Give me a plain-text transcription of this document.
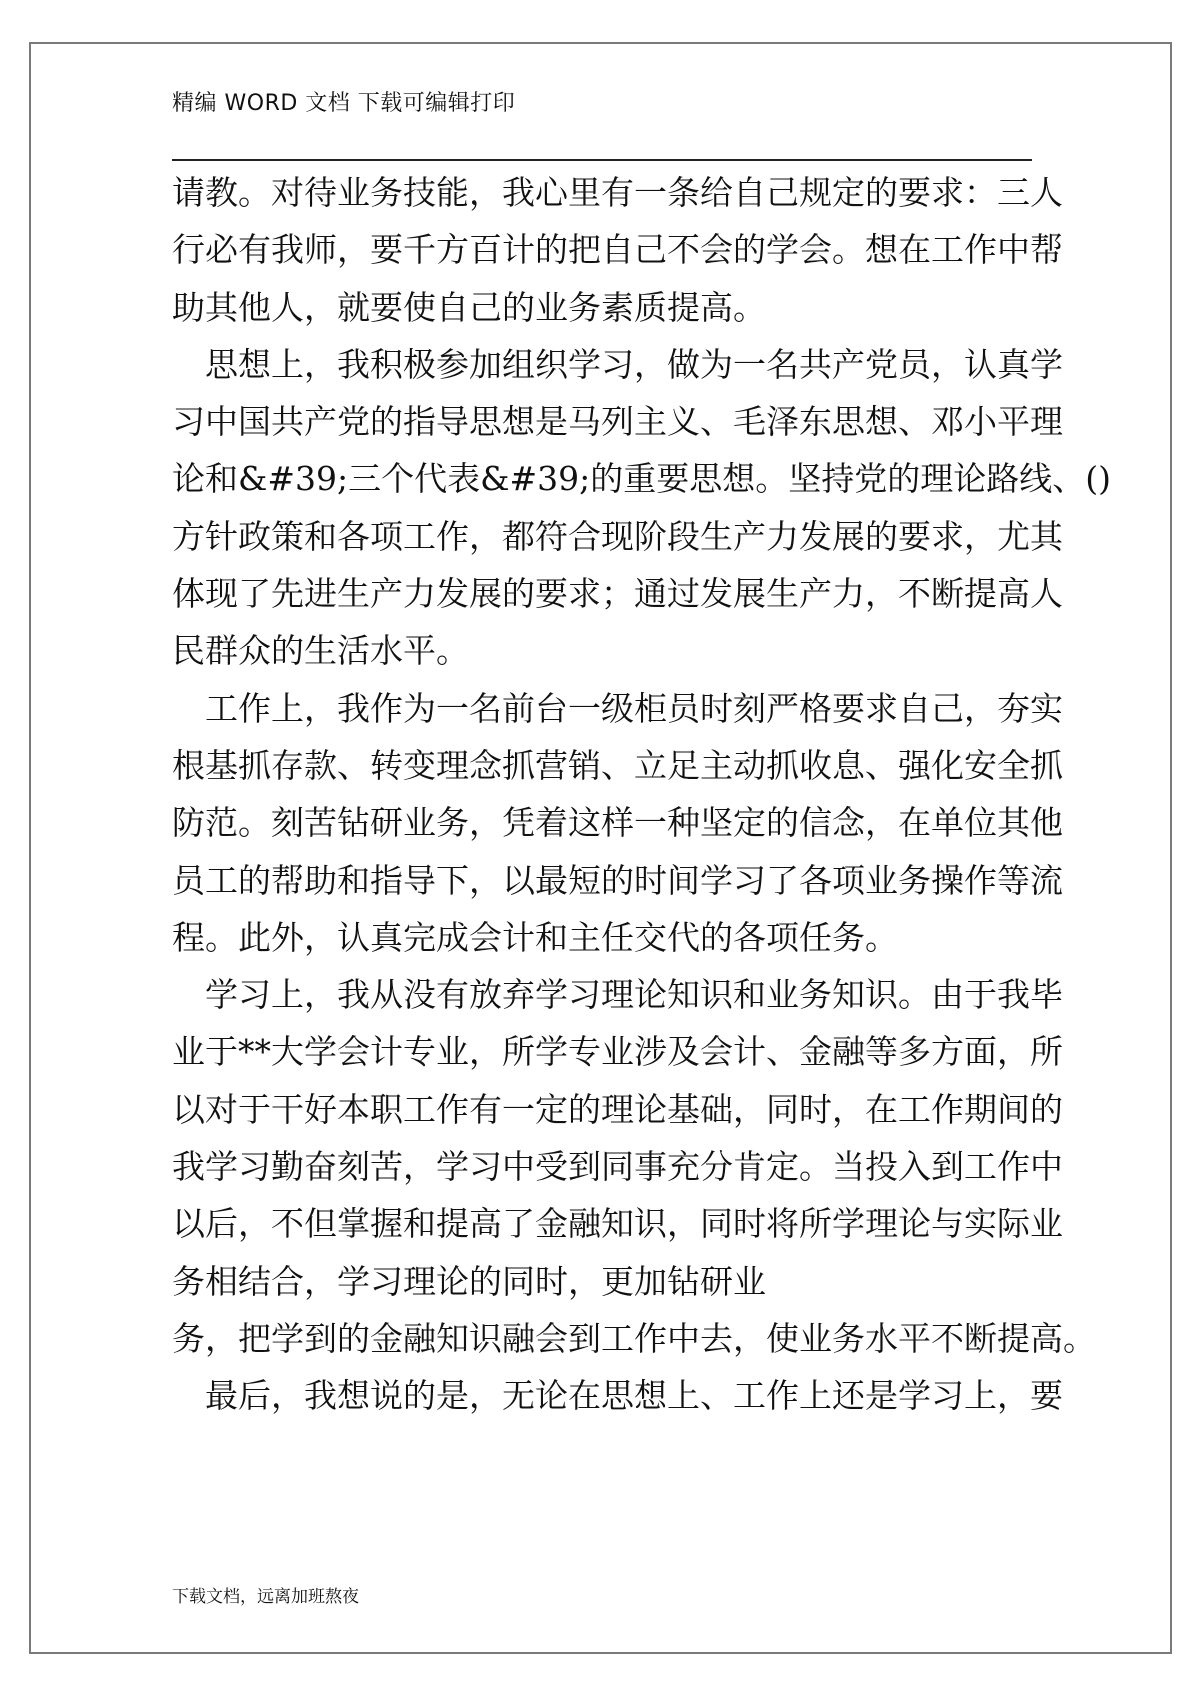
精编 WORD 文档 下载可编辑打印
请教。对待业务技能，我心里有一条给自己规定的要求：三人
行必有我师，要千方百计的把自己不会的学会。想在工作中帮
助其他人，就要使自己的业务素质提高。
思想上，我积极参加组织学习，做为一名共产党员，认真学
习中国共产党的指导思想是马列主义、毛泽东思想、邓小平理
论和&#39;三个代表&#39;的重要思想。坚持党的理论路线、()
方针政策和各项工作，都符合现阶段生产力发展的要求，尤其
体现了先进生产力发展的要求；通过发展生产力，不断提高人
民群众的生活水平。
工作上，我作为一名前台一级柜员时刻严格要求自己，夯实
根基抓存款、转变理念抓营销、立足主动抓收息、强化安全抓
防范。刻苦钻研业务，凭着这样一种坚定的信念，在单位其他
员工的帮助和指导下，以最短的时间学习了各项业务操作等流
程。此外，认真完成会计和主任交代的各项任务。
学习上，我从没有放弃学习理论知识和业务知识。由于我毕
业于**大学会计专业，所学专业涉及会计、金融等多方面，所
以对于干好本职工作有一定的理论基础，同时，在工作期间的
我学习勤奋刻苦，学习中受到同事充分肯定。当投入到工作中
以后，不但掌握和提高了金融知识，同时将所学理论与实际业
务相结合，学习理论的同时，更加钻研业
务，把学到的金融知识融会到工作中去，使业务水平不断提高。
最后，我想说的是，无论在思想上、工作上还是学习上，要
下载文档，远离加班熬夜
